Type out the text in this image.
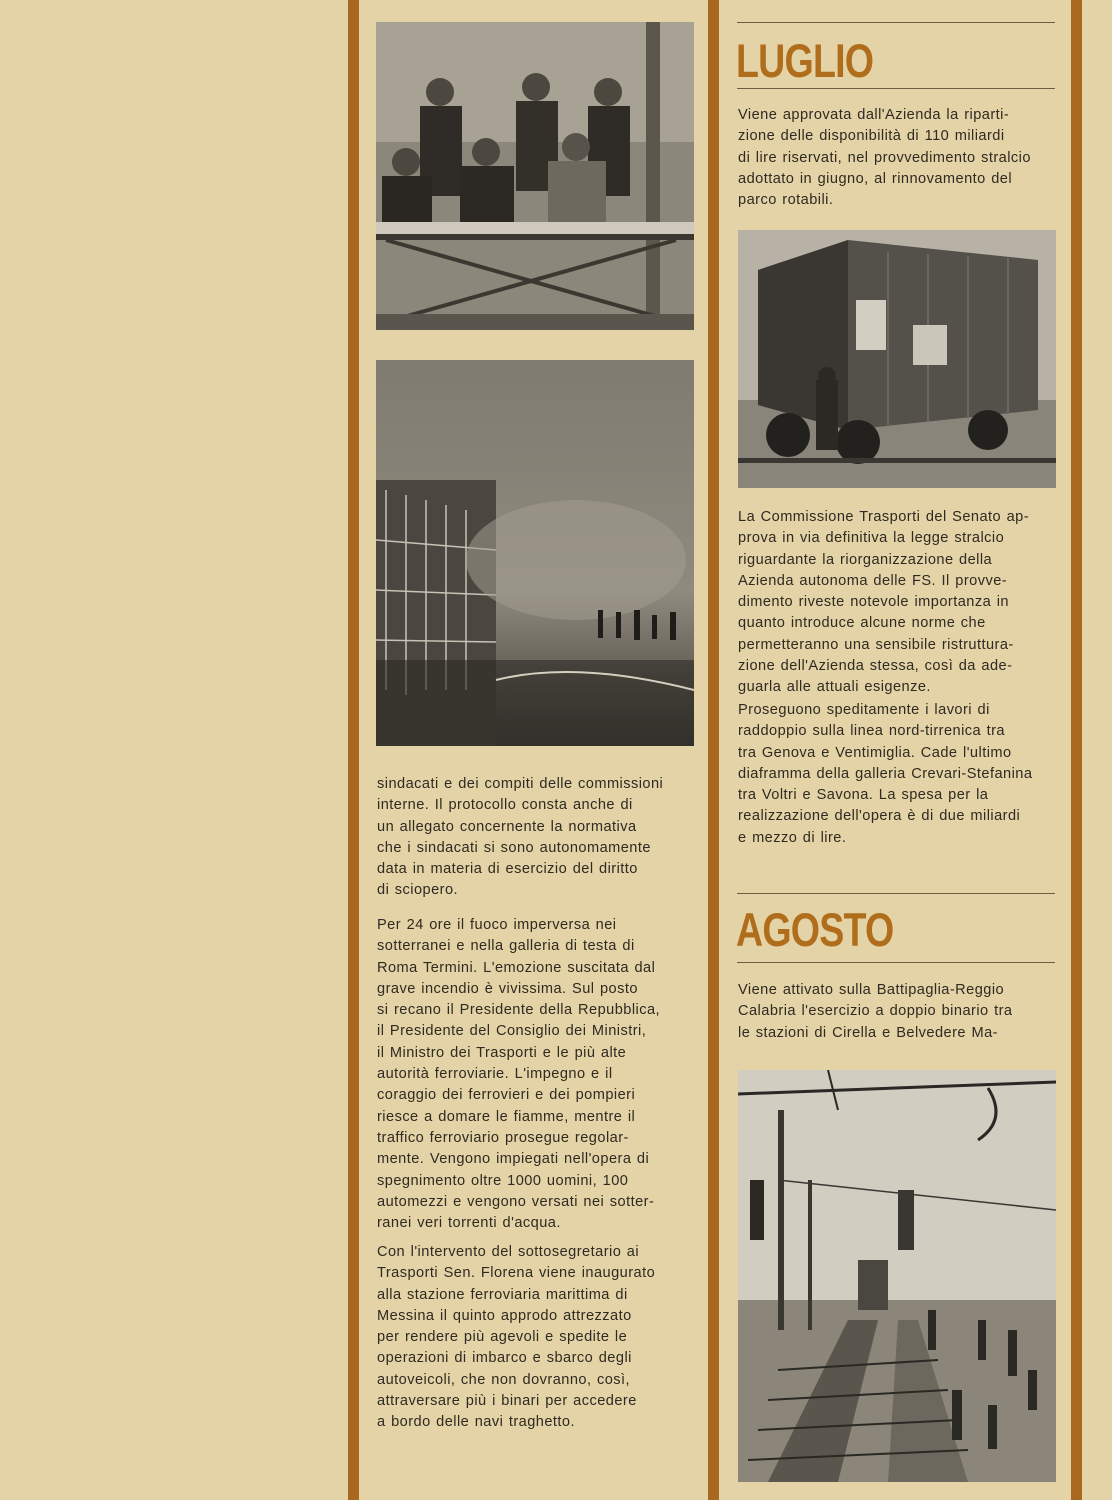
sindacati e dei compiti delle commissioni
interne. Il protocollo consta anche di
un allegato concernente la normativa
che i sindacati si sono autonomamente
data in materia di esercizio del diritto
di sciopero.

Per 24 ore il fuoco imperversa nei
sotterranei e nella galleria di testa di
Roma Termini. L'emozione suscitata dal
grave incendio è vivissima. Sul posto
si recano il Presidente della Repubblica,
il Presidente del Consiglio dei Ministri,
il Ministro dei Trasporti e le più alte
autorità ferroviarie. L'impegno e il
coraggio dei ferrovieri e dei pompieri
riesce a domare le fiamme, mentre il
traffico ferroviario prosegue regolar-
mente. Vengono impiegati nell'opera di
spegnimento oltre 1000 uomini, 100
automezzi e vengono versati nei sotter-
ranei veri torrenti d'acqua.

Con l'intervento del sottosegretario ai
Trasporti Sen. Florena viene inaugurato
alla stazione ferroviaria marittima di
Messina il quinto approdo attrezzato
per rendere più agevoli e spedite le
operazioni di imbarco e sbarco degli
autoveicoli, che non dovranno, così,
attraversare più i binari per accedere
a bordo delle navi traghetto.

LUGLIO

Viene approvata dall'Azienda la riparti-
zione delle disponibilità di 110 miliardi
di lire riservati, nel provvedimento stralcio
adottato in giugno, al rinnovamento del
parco rotabili.

La Commissione Trasporti del Senato ap-
prova in via definitiva la legge stralcio
riguardante la riorganizzazione della
Azienda autonoma delle FS. Il provve-
dimento riveste notevole importanza in
quanto introduce alcune norme che
permetteranno una sensibile ristruttura-
zione dell'Azienda stessa, così da ade-
guarla alle attuali esigenze.

Proseguono speditamente i lavori di
raddoppio sulla linea nord-tirrenica tra
tra Genova e Ventimiglia. Cade l'ultimo
diaframma della galleria Crevari-Stefanina
tra Voltri e Savona. La spesa per la
realizzazione dell'opera è di due miliardi
e mezzo di lire.

AGOSTO

Viene attivato sulla Battipaglia-Reggio
Calabria l'esercizio a doppio binario tra
le stazioni di Cirella e Belvedere Ma-
